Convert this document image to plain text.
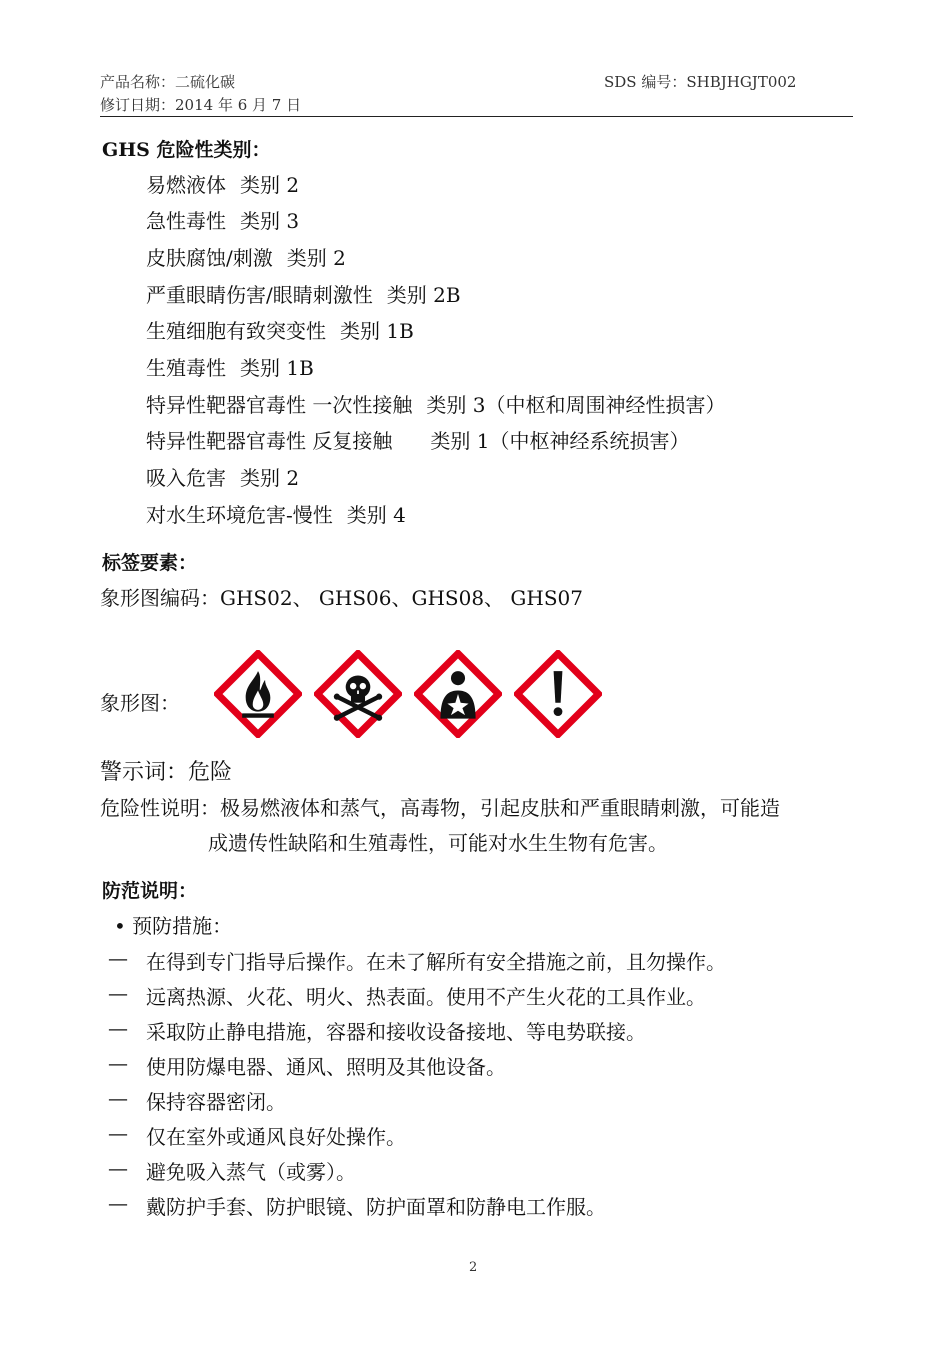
产品名称：二硫化碳	SDS 编号：SHBJHGJT002
修订日期：2014 年 6 月 7 日
GHS 危险性类别：
易燃液体 类别 2
急性毒性 类别 3
皮肤腐蚀/刺激 类别 2
严重眼睛伤害/眼睛刺激性 类别 2B
生殖细胞有致突变性 类别 1B
生殖毒性 类别 1B
特异性靶器官毒性 一次性接触 类别 3（中枢和周围神经性损害）
特异性靶器官毒性 反复接触 类别 1（中枢神经系统损害）
吸入危害 类别 2
对水生环境危害-慢性 类别 4
标签要素：
象形图编码：GHS02、 GHS06、GHS08、 GHS07
象形图：
警示词：危险
危险性说明：极易燃液体和蒸气，高毒物，引起皮肤和严重眼睛刺激，可能造
成遗传性缺陷和生殖毒性，可能对水生生物有危害。
防范说明：
• 预防措施：
— 在得到专门指导后操作。在未了解所有安全措施之前，且勿操作。
— 远离热源、火花、明火、热表面。使用不产生火花的工具作业。
— 采取防止静电措施，容器和接收设备接地、等电势联接。
— 使用防爆电器、通风、照明及其他设备。
— 保持容器密闭。
— 仅在室外或通风良好处操作。
— 避免吸入蒸气（或雾）。
— 戴防护手套、防护眼镜、防护面罩和防静电工作服。
2
